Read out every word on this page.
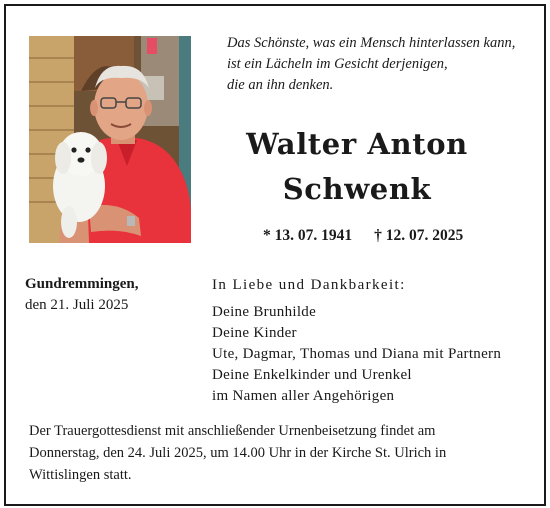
Das Schönste, was ein Mensch hinterlassen kann,
ist ein Lächeln im Gesicht derjenigen,
die an ihn denken.
Walter Anton
Schwenk
* 13. 07. 1941 † 12. 07. 2025
Gundremmingen,
den 21. Juli 2025
In Liebe und Dankbarkeit:
Deine Brunhilde
Deine Kinder
Ute, Dagmar, Thomas und Diana mit Partnern
Deine Enkelkinder und Urenkel
im Namen aller Angehörigen
Der Trauergottesdienst mit anschließender Urnenbeisetzung findet am
Donnerstag, den 24. Juli 2025, um 14.00 Uhr in der Kirche St. Ulrich in
Wittislingen statt.
